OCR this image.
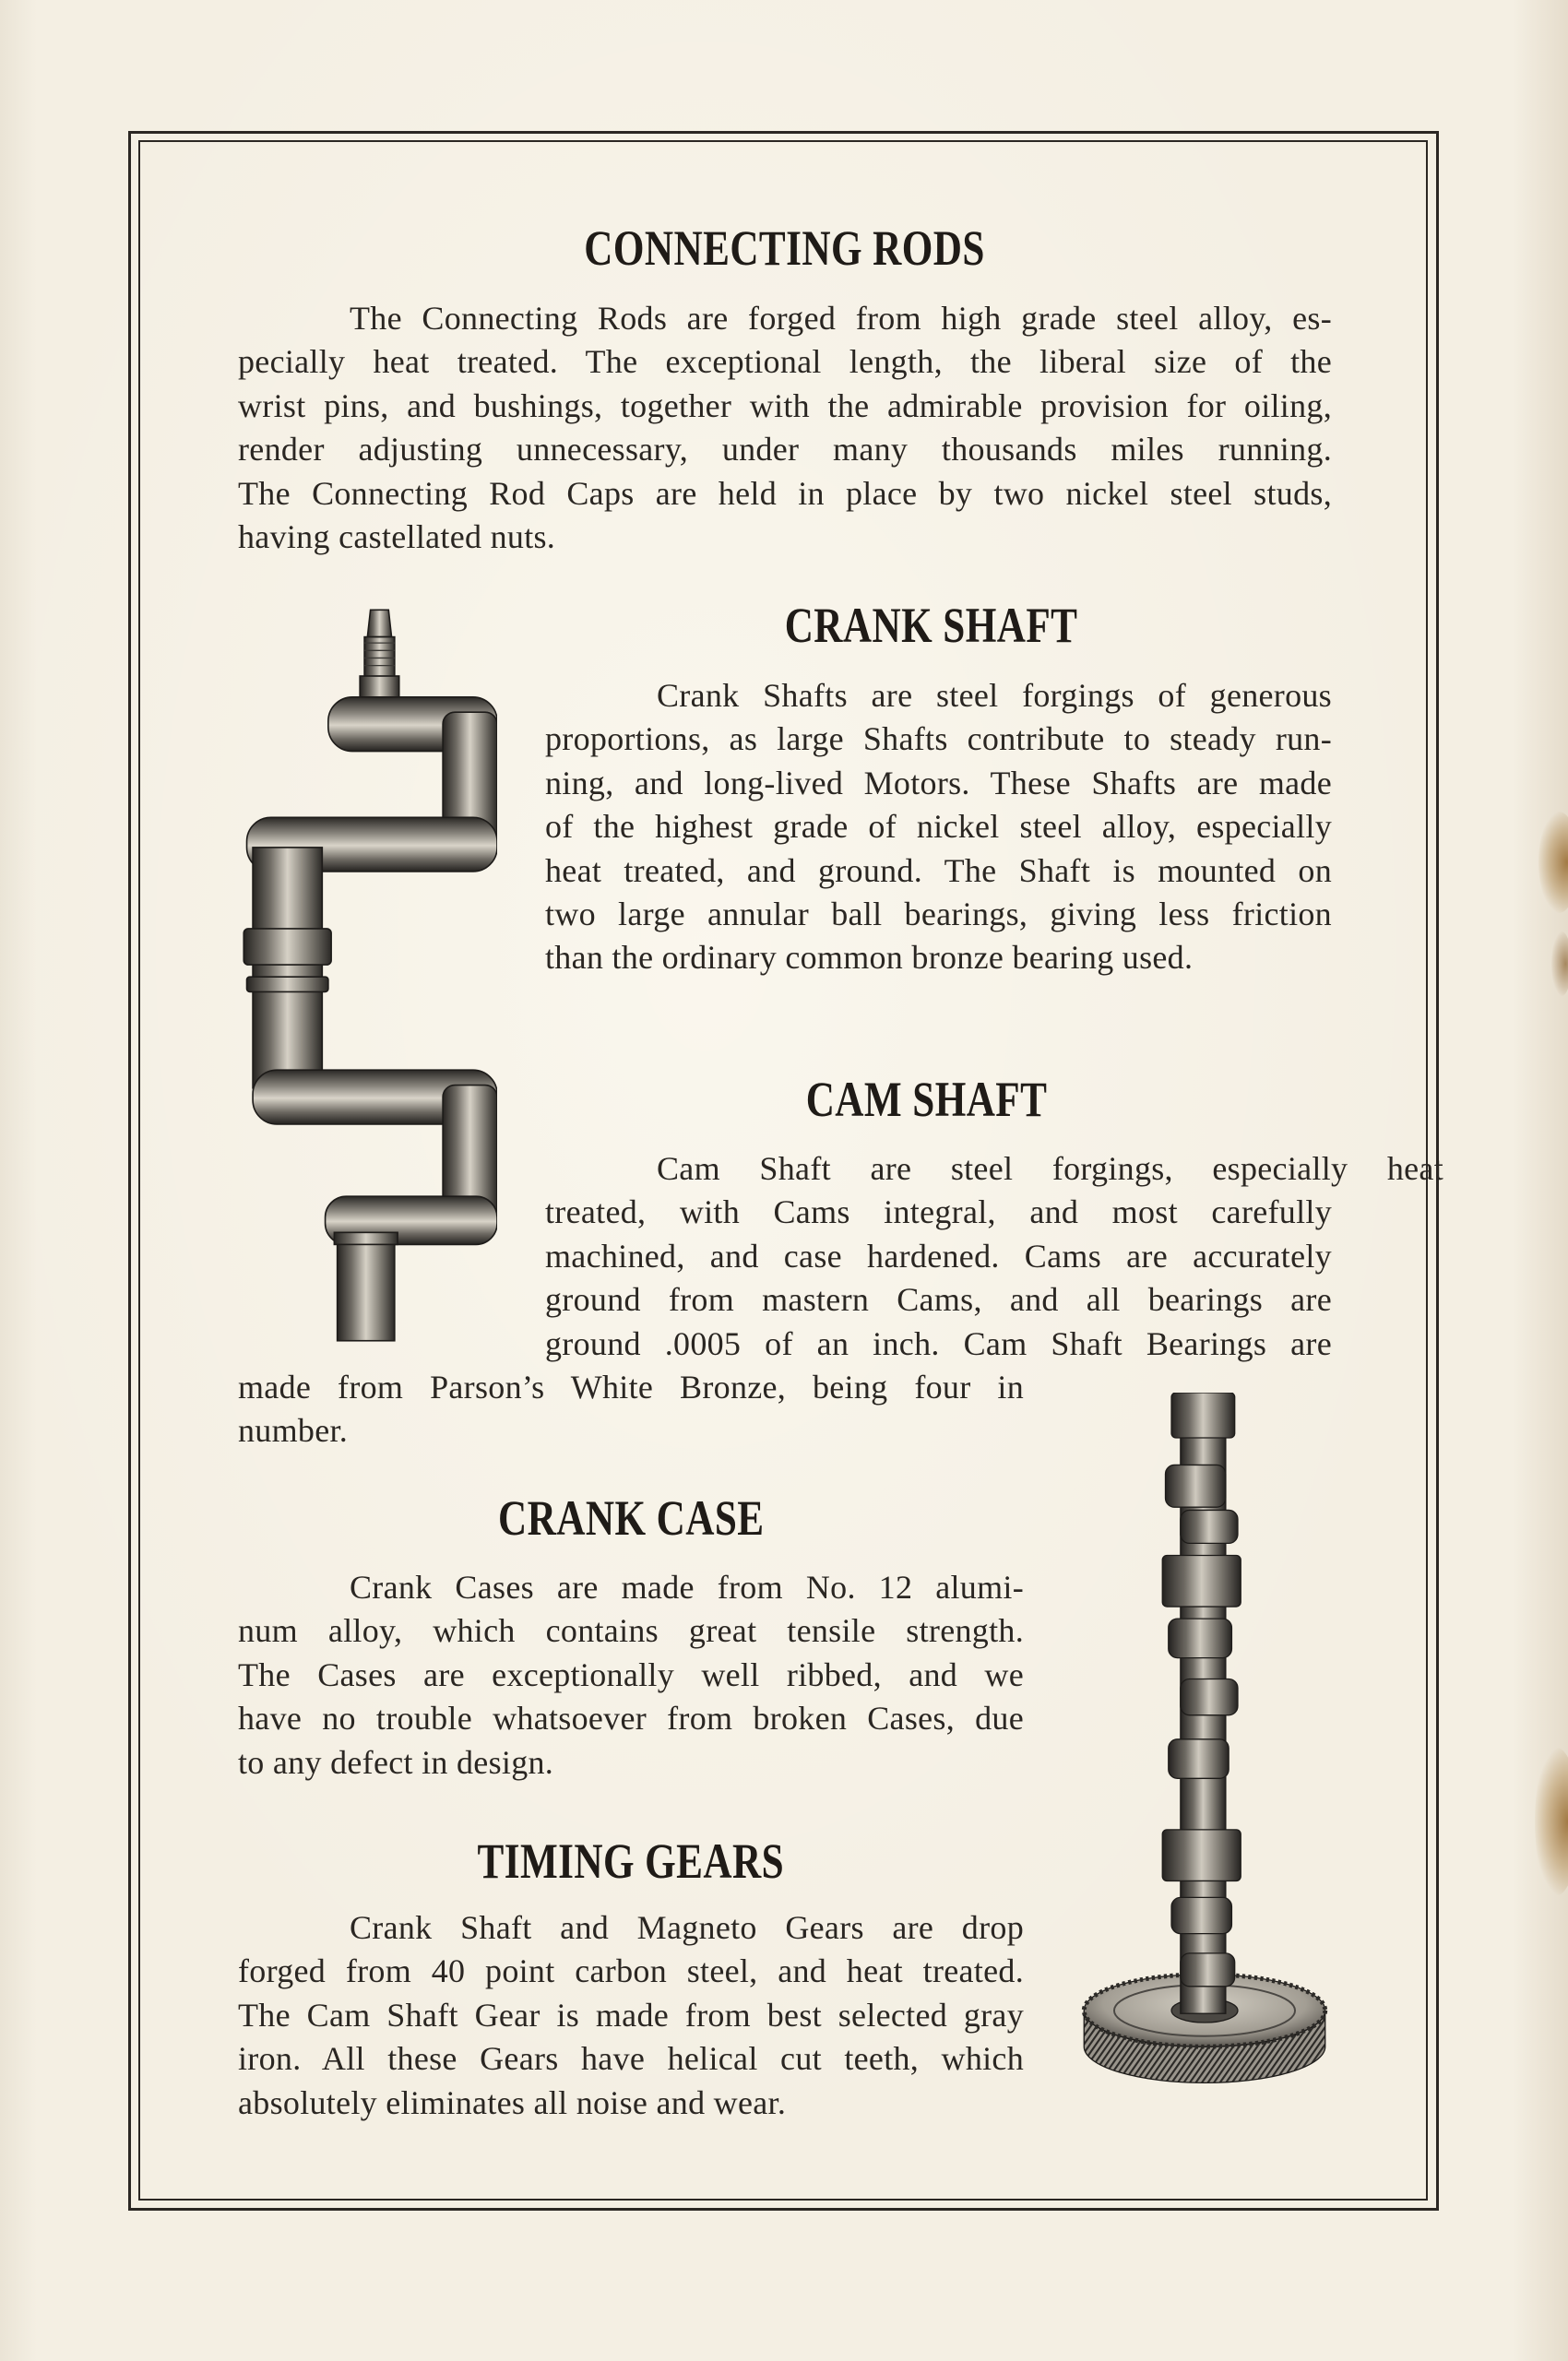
CONNECTING RODS
The Connecting Rods are forged from high grade steel alloy, es-
pecially heat treated. The exceptional length, the liberal size of the
wrist pins, and bushings, together with the admirable provision for oiling,
render adjusting unnecessary, under many thousands miles running.
The Connecting Rod Caps are held in place by two nickel steel studs,
having castellated nuts.
CRANK SHAFT
Crank Shafts are steel forgings of generous
proportions, as large Shafts contribute to steady run-
ning, and long-lived Motors. These Shafts are made
of the highest grade of nickel steel alloy, especially
heat treated, and ground. The Shaft is mounted on
two large annular ball bearings, giving less friction
than the ordinary common bronze bearing used.
CAM SHAFT
Cam Shaft are steel forgings, especially heat
treated, with Cams integral, and most carefully
machined, and case hardened. Cams are accurately
ground from mastern Cams, and all bearings are
ground .0005 of an inch. Cam Shaft Bearings are
made from Parson’s White Bronze, being four in
number.
CRANK CASE
Crank Cases are made from No. 12 alumi-
num alloy, which contains great tensile strength.
The Cases are exceptionally well ribbed, and we
have no trouble whatsoever from broken Cases, due
to any defect in design.
TIMING GEARS
Crank Shaft and Magneto Gears are drop
forged from 40 point carbon steel, and heat treated.
The Cam Shaft Gear is made from best selected gray
iron. All these Gears have helical cut teeth, which
absolutely eliminates all noise and wear.
